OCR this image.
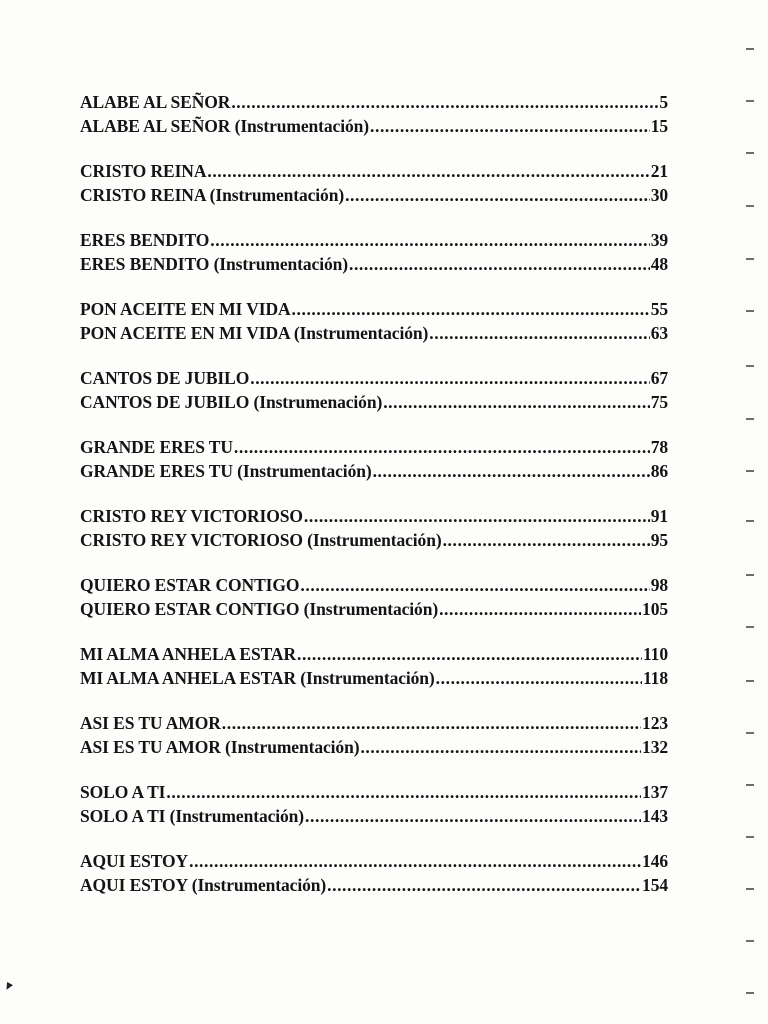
ALABE AL SEÑOR .....	5
ALABE AL SEÑOR (Instrumentación) .....	15
CRISTO REINA .....	21
CRISTO REINA (Instrumentación) .....	30
ERES BENDITO .....	39
ERES BENDITO (Instrumentación) .....	48
PON ACEITE EN MI VIDA .....	55
PON ACEITE EN MI VIDA (Instrumentación) .....	63
CANTOS DE JUBILO .....	67
CANTOS DE JUBILO (Instrumenación) .....	75
GRANDE ERES TU .....	78
GRANDE ERES TU (Instrumentación) .....	86
CRISTO REY VICTORIOSO .....	91
CRISTO REY VICTORIOSO (Instrumentación) .....	95
QUIERO ESTAR CONTIGO .....	98
QUIERO ESTAR CONTIGO (Instrumentación) .....	105
MI ALMA ANHELA ESTAR .....	110
MI ALMA ANHELA ESTAR (Instrumentación) .....	118
ASI ES TU AMOR .....	123
ASI ES TU AMOR (Instrumentación) .....	132
SOLO A TI .....	137
SOLO A TI (Instrumentación) .....	143
AQUI ESTOY .....	146
AQUI ESTOY (Instrumentación) .....	154
